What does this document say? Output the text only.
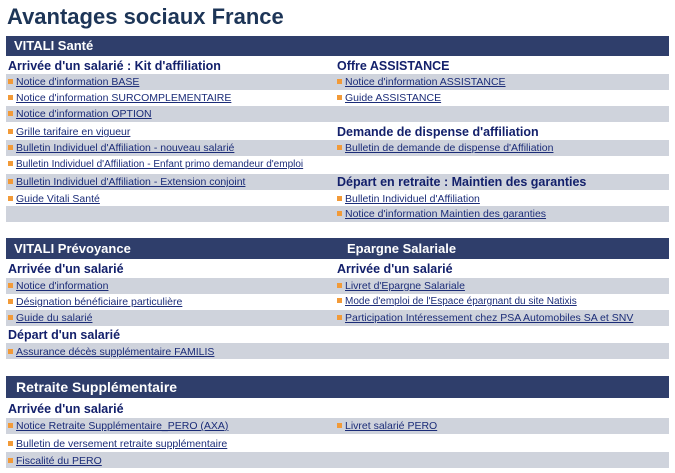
Avantages sociaux France
VITALI Santé
Arrivée d'un salarié : Kit d'affiliation
Notice d'information BASE
Notice d'information SURCOMPLEMENTAIRE
Notice d'information OPTION
Grille tarifaire en vigueur
Bulletin Individuel d'Affiliation - nouveau salarié
Bulletin Individuel d'Affiliation - Enfant primo demandeur d'emploi
Bulletin Individuel d'Affiliation - Extension conjoint
Guide Vitali Santé
Offre ASSISTANCE
Notice d'information ASSISTANCE
Guide ASSISTANCE
Demande de dispense d'affiliation
Bulletin de demande de dispense d'Affiliation
Départ en retraite : Maintien des garanties
Bulletin Individuel d'Affiliation
Notice d'information Maintien des garanties
VITALI Prévoyance	Epargne Salariale
Arrivée d'un salarié
Notice d'information
Désignation bénéficiaire particulière
Guide du salarié
Départ d'un salarié
Assurance décès supplémentaire FAMILIS
Arrivée d'un salarié
Livret d'Epargne Salariale
Mode d'emploi de l'Espace épargnant du site Natixis
Participation Intéressement chez PSA Automobiles SA et SNV
Retraite Supplémentaire
Arrivée d'un salarié
Notice Retraite Supplémentaire_PERO (AXA)
Bulletin de versement retraite supplémentaire
Fiscalité du PERO
Livret salarié PERO
